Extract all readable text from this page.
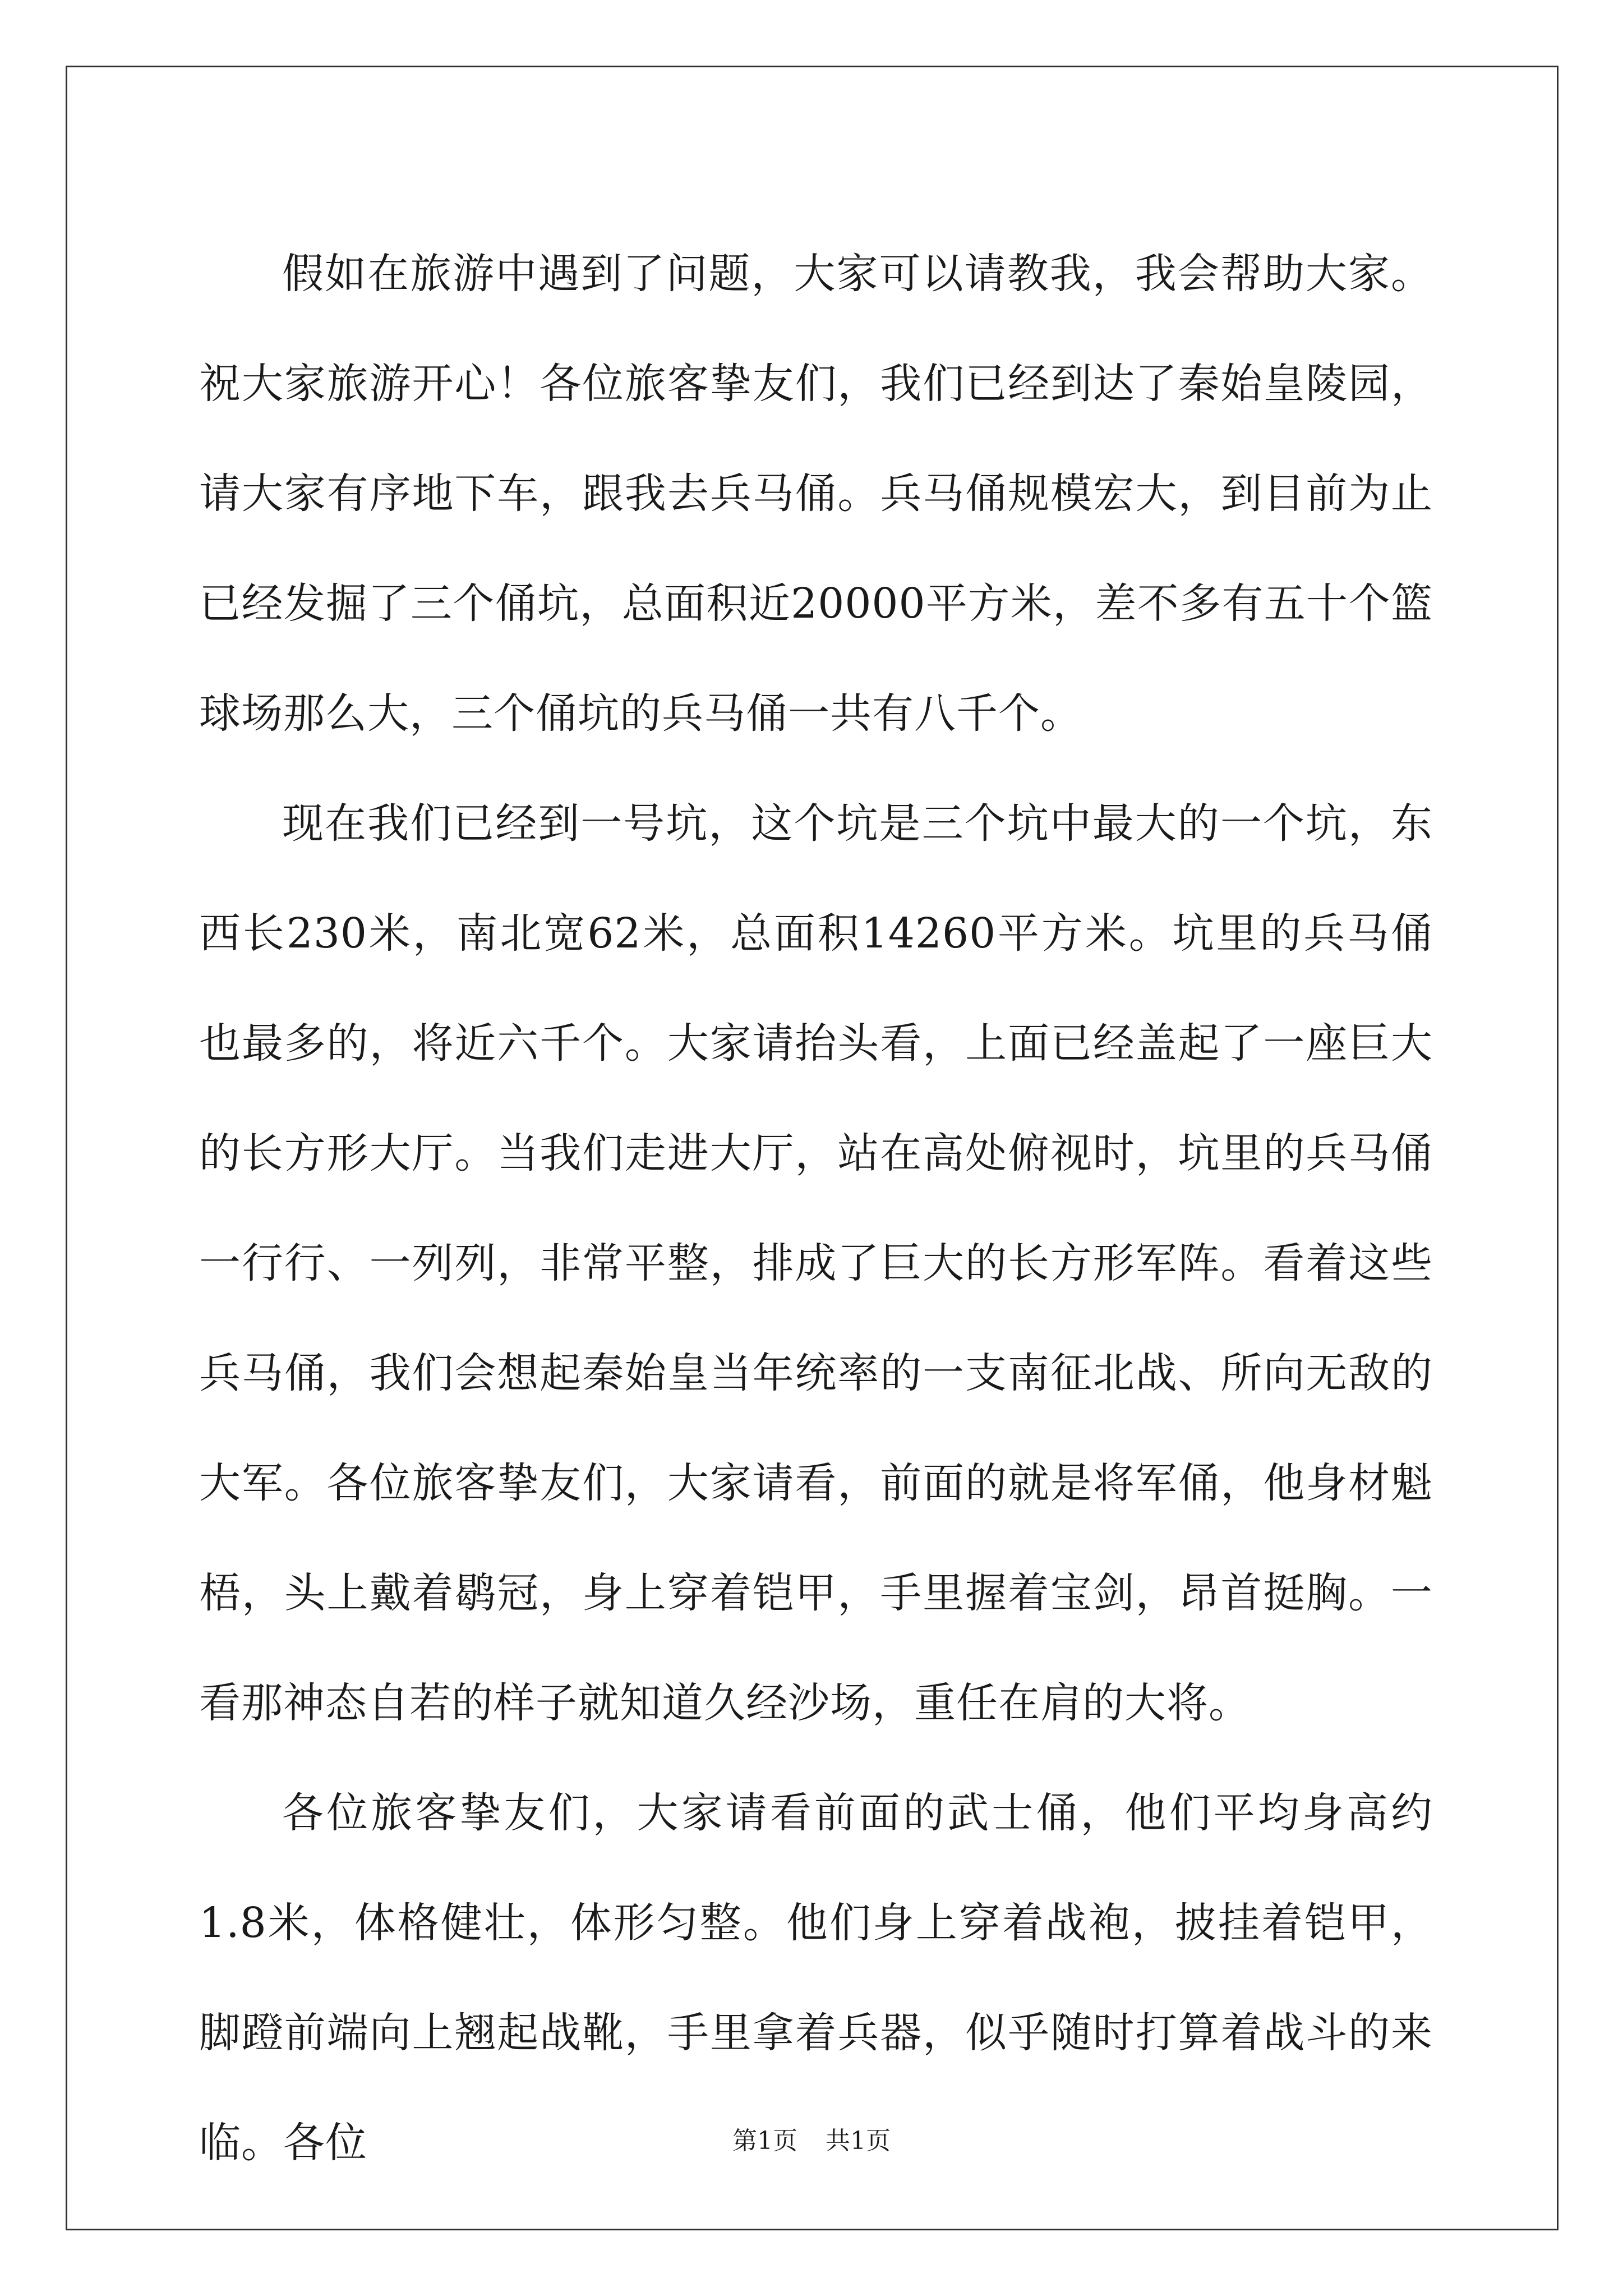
假如在旅游中遇到了问题，大家可以请教我，我会帮助大家。祝大家旅游开心！各位旅客挚友们，我们已经到达了秦始皇陵园，请大家有序地下车，跟我去兵马俑。兵马俑规模宏大，到目前为止已经发掘了三个俑坑，总面积近20000平方米，差不多有五十个篮球场那么大，三个俑坑的兵马俑一共有八千个。

现在我们已经到一号坑，这个坑是三个坑中最大的一个坑，东西长230米，南北宽62米，总面积14260平方米。坑里的兵马俑也最多的，将近六千个。大家请抬头看，上面已经盖起了一座巨大的长方形大厅。当我们走进大厅，站在高处俯视时，坑里的兵马俑一行行、一列列，非常平整，排成了巨大的长方形军阵。看着这些兵马俑，我们会想起秦始皇当年统率的一支南征北战、所向无敌的大军。各位旅客挚友们，大家请看，前面的就是将军俑，他身材魁梧，头上戴着鹖冠，身上穿着铠甲，手里握着宝剑，昂首挺胸。一看那神态自若的样子就知道久经沙场，重任在肩的大将。

各位旅客挚友们，大家请看前面的武士俑，他们平均身高约1.8米，体格健壮，体形匀整。他们身上穿着战袍，披挂着铠甲，脚蹬前端向上翘起战靴，手里拿着兵器，似乎随时打算着战斗的来临。各位	第1页 共1页
